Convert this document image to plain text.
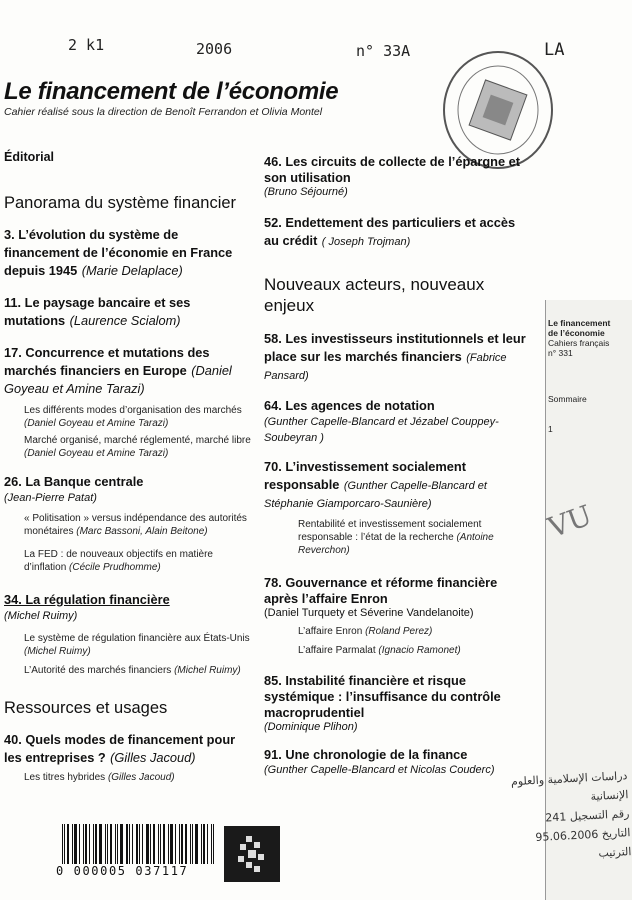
2 k1	2006	n° 33A	LA
Le financement de l’économie
Cahier réalisé sous la direction de Benoît Ferrandon et Olivia Montel
Éditorial
Panorama du système financier
3. L’évolution du système de financement de l’économie en France depuis 1945 (Marie Delaplace)
11. Le paysage bancaire et ses mutations (Laurence Scialom)
17. Concurrence et mutations des marchés financiers en Europe (Daniel Goyeau et Amine Tarazi)
Les différents modes d’organisation des marchés (Daniel Goyeau et Amine Tarazi)
Marché organisé, marché réglementé, marché libre (Daniel Goyeau et Amine Tarazi)
26. La Banque centrale
(Jean-Pierre Patat)
« Politisation » versus indépendance des autorités monétaires (Marc Bassoni, Alain Beitone)
La FED : de nouveaux objectifs en matière d’inflation (Cécile Prudhomme)
34. La régulation financière
(Michel Ruimy)
Le système de régulation financière aux États-Unis (Michel Ruimy)
L’Autorité des marchés financiers (Michel Ruimy)
Ressources et usages
40. Quels modes de financement pour les entreprises ? (Gilles Jacoud)
Les titres hybrides (Gilles Jacoud)
46. Les circuits de collecte de l’épargne et son utilisation
(Bruno Séjourné)
52. Endettement des particuliers et accès au crédit ( Joseph Trojman)
Nouveaux acteurs, nouveaux enjeux
58. Les investisseurs institutionnels et leur place sur les marchés financiers (Fabrice Pansard)
64. Les agences de notation
(Gunther Capelle-Blancard et Jézabel Couppey-Soubeyran )
70. L’investissement socialement responsable (Gunther Capelle-Blancard et Stéphanie Giamporcaro-Saunière)
Rentabilité et investissement socialement responsable : l’état de la recherche (Antoine Reverchon)
78. Gouvernance et réforme financière après l’affaire Enron
(Daniel Turquety et Séverine Vandelanoite)
L’affaire Enron (Roland Perez)
L’affaire Parmalat (Ignacio Ramonet)
85. Instabilité financière et risque systémique : l’insuffisance du contrôle macroprudentiel
(Dominique Plihon)
91. Une chronologie de la finance
(Gunther Capelle-Blancard et Nicolas Couderc)
Le financement
de l’économie
Cahiers français
n° 331
Sommaire
1
VU
0 000005 037117
دراسات الإسلامية والعلوم الإنسانية
رقم التسجيل 241
التاريخ 95.06.2006
الترتيب
